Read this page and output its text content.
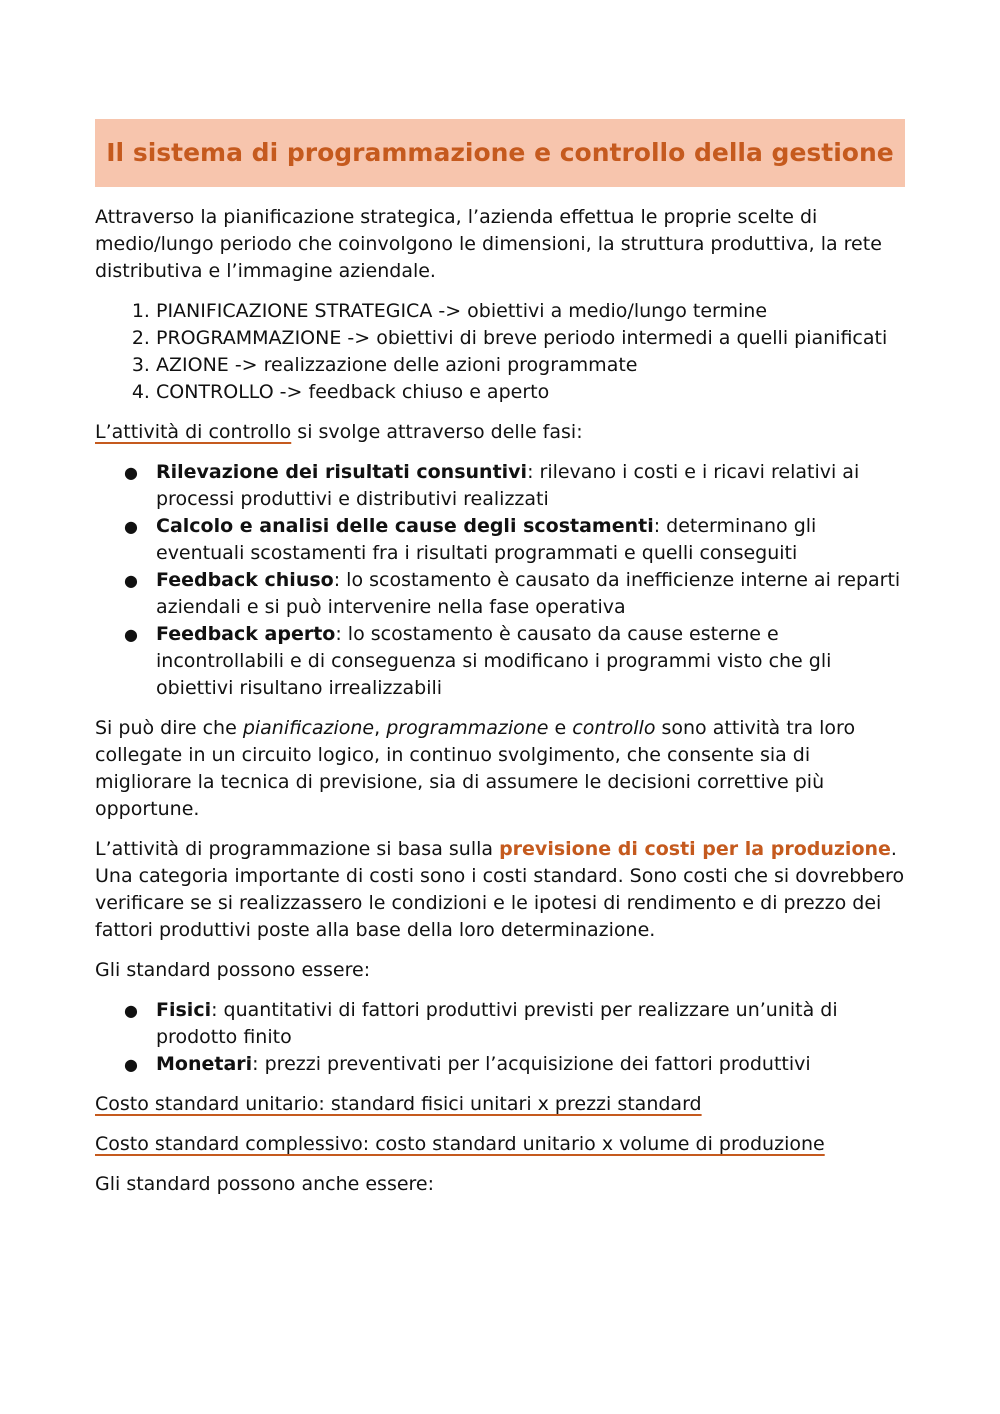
Il sistema di programmazione e controllo della gestione

Attraverso la pianificazione strategica, l’azienda effettua le proprie scelte di medio/lungo periodo che coinvolgono le dimensioni, la struttura produttiva, la rete distributiva e l’immagine aziendale.

1. PIANIFICAZIONE STRATEGICA -> obiettivi a medio/lungo termine
2. PROGRAMMAZIONE -> obiettivi di breve periodo intermedi a quelli pianificati
3. AZIONE -> realizzazione delle azioni programmate
4. CONTROLLO -> feedback chiuso e aperto

L’attività di controllo si svolge attraverso delle fasi:

● Rilevazione dei risultati consuntivi: rilevano i costi e i ricavi relativi ai processi produttivi e distributivi realizzati
● Calcolo e analisi delle cause degli scostamenti: determinano gli eventuali scostamenti fra i risultati programmati e quelli conseguiti
● Feedback chiuso: lo scostamento è causato da inefficienze interne ai reparti aziendali e si può intervenire nella fase operativa
● Feedback aperto: lo scostamento è causato da cause esterne e incontrollabili e di conseguenza si modificano i programmi visto che gli obiettivi risultano irrealizzabili

Si può dire che pianificazione, programmazione e controllo sono attività tra loro collegate in un circuito logico, in continuo svolgimento, che consente sia di migliorare la tecnica di previsione, sia di assumere le decisioni correttive più opportune.

L’attività di programmazione si basa sulla previsione di costi per la produzione. Una categoria importante di costi sono i costi standard. Sono costi che si dovrebbero verificare se si realizzassero le condizioni e le ipotesi di rendimento e di prezzo dei fattori produttivi poste alla base della loro determinazione.

Gli standard possono essere:

● Fisici: quantitativi di fattori produttivi previsti per realizzare un’unità di prodotto finito
● Monetari: prezzi preventivati per l’acquisizione dei fattori produttivi

Costo standard unitario: standard fisici unitari x prezzi standard

Costo standard complessivo: costo standard unitario x volume di produzione

Gli standard possono anche essere:
